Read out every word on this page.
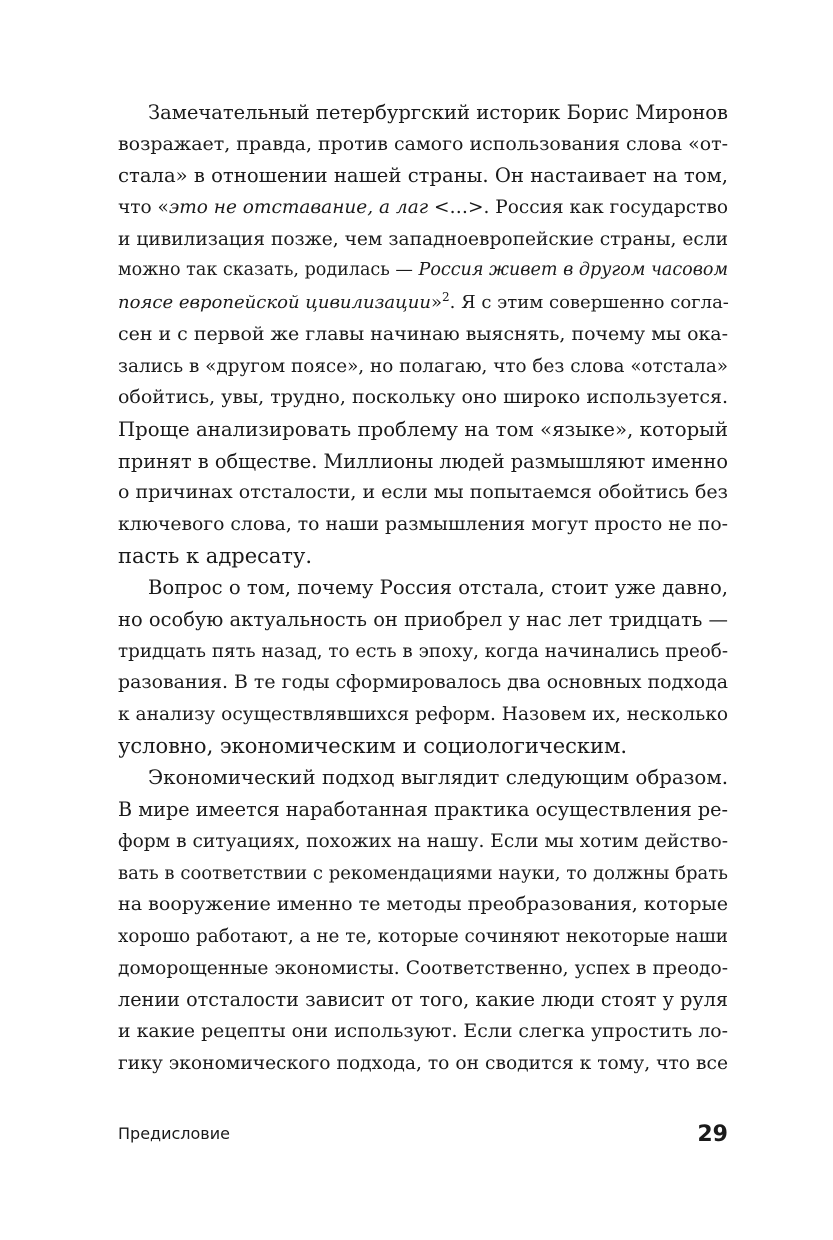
Замечательный петербургский историк Борис Миронов
возражает, правда, против самого использования слова «от-
стала» в отношении нашей страны. Он настаивает на том,
что «это не отставание, а лаг <…>. Россия как государство
и цивилизация позже, чем западноевропейские страны, если
можно так сказать, родилась — Россия живет в другом часовом
поясе европейской цивилизации»$^2$. Я с этим совершенно согла-
сен и с первой же главы начинаю выяснять, почему мы ока-
зались в «другом поясе», но полагаю, что без слова «отстала»
обойтись, увы, трудно, поскольку оно широко используется.
Проще анализировать проблему на том «языке», который
принят в обществе. Миллионы людей размышляют именно
о причинах отсталости, и если мы попытаемся обойтись без
ключевого слова, то наши размышления могут просто не по-
пасть к адресату.
Вопрос о том, почему Россия отстала, стоит уже давно,
но особую актуальность он приобрел у нас лет тридцать —
тридцать пять назад, то есть в эпоху, когда начинались преоб-
разования. В те годы сформировалось два основных подхода
к анализу осуществлявшихся реформ. Назовем их, несколько
условно, экономическим и социологическим.
Экономический подход выглядит следующим образом.
В мире имеется наработанная практика осуществления ре-
форм в ситуациях, похожих на нашу. Если мы хотим действо-
вать в соответствии с рекомендациями науки, то должны брать
на вооружение именно те методы преобразования, которые
хорошо работают, а не те, которые сочиняют некоторые наши
доморощенные экономисты. Соответственно, успех в преодо-
лении отсталости зависит от того, какие люди стоят у руля
и какие рецепты они используют. Если слегка упростить ло-
гику экономического подхода, то он сводится к тому, что все
Предисловие	29
